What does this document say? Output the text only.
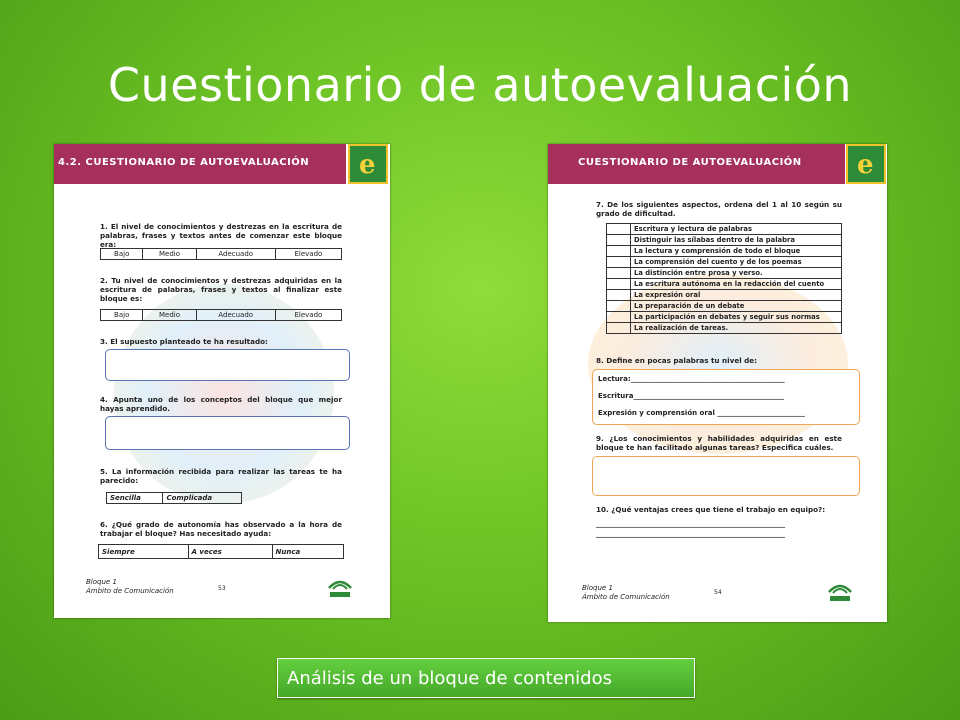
Cuestionario de autoevaluación
4.2. CUESTIONARIO DE AUTOEVALUACIÓN	e
1. El nivel de conocimientos y destrezas en la escritura de palabras, frases y textos antes de comenzar este bloque era:
Bajo	Medio	Adecuado	Elevado
2. Tu nivel de conocimientos y destrezas adquiridas en la escritura de palabras, frases y textos al finalizar este bloque es:
Bajo	Medio	Adecuado	Elevado
3. El supuesto planteado te ha resultado:
4. Apunta uno de los conceptos del bloque que mejor hayas aprendido.
5. La información recibida para realizar las tareas te ha parecido:
Sencilla	Complicada
6. ¿Qué grado de autonomía has observado a la hora de trabajar el bloque? Has necesitado ayuda:
Siempre	A veces	Nunca
Bloque 1
Ámbito de Comunicación	53
CUESTIONARIO DE AUTOEVALUACIÓN	e
7. De los siguientes aspectos, ordena del 1 al 10 según su grado de dificultad.
	Escritura y lectura de palabras
	Distinguir las sílabas dentro de la palabra
	La lectura y comprensión de todo el bloque
	La comprensión del cuento y de los poemas
	La distinción entre prosa y verso.
	La escritura autónoma en la redacción del cuento
	La expresión oral
	La preparación de un debate
	La participación en debates y seguir sus normas
	La realización de tareas.
8. Define en pocas palabras tu nivel de:
Lectura:____________________________________________
Escritura___________________________________________
Expresión y comprensión oral _________________________
9. ¿Los conocimientos y habilidades adquiridas en este bloque te han facilitado algunas tareas? Especifica cuáles.
10. ¿Qué ventajas crees que tiene el trabajo en equipo?:
______________________________________________________
______________________________________________________
Bloque 1
Ámbito de Comunicación
54
Análisis de un bloque de contenidos
